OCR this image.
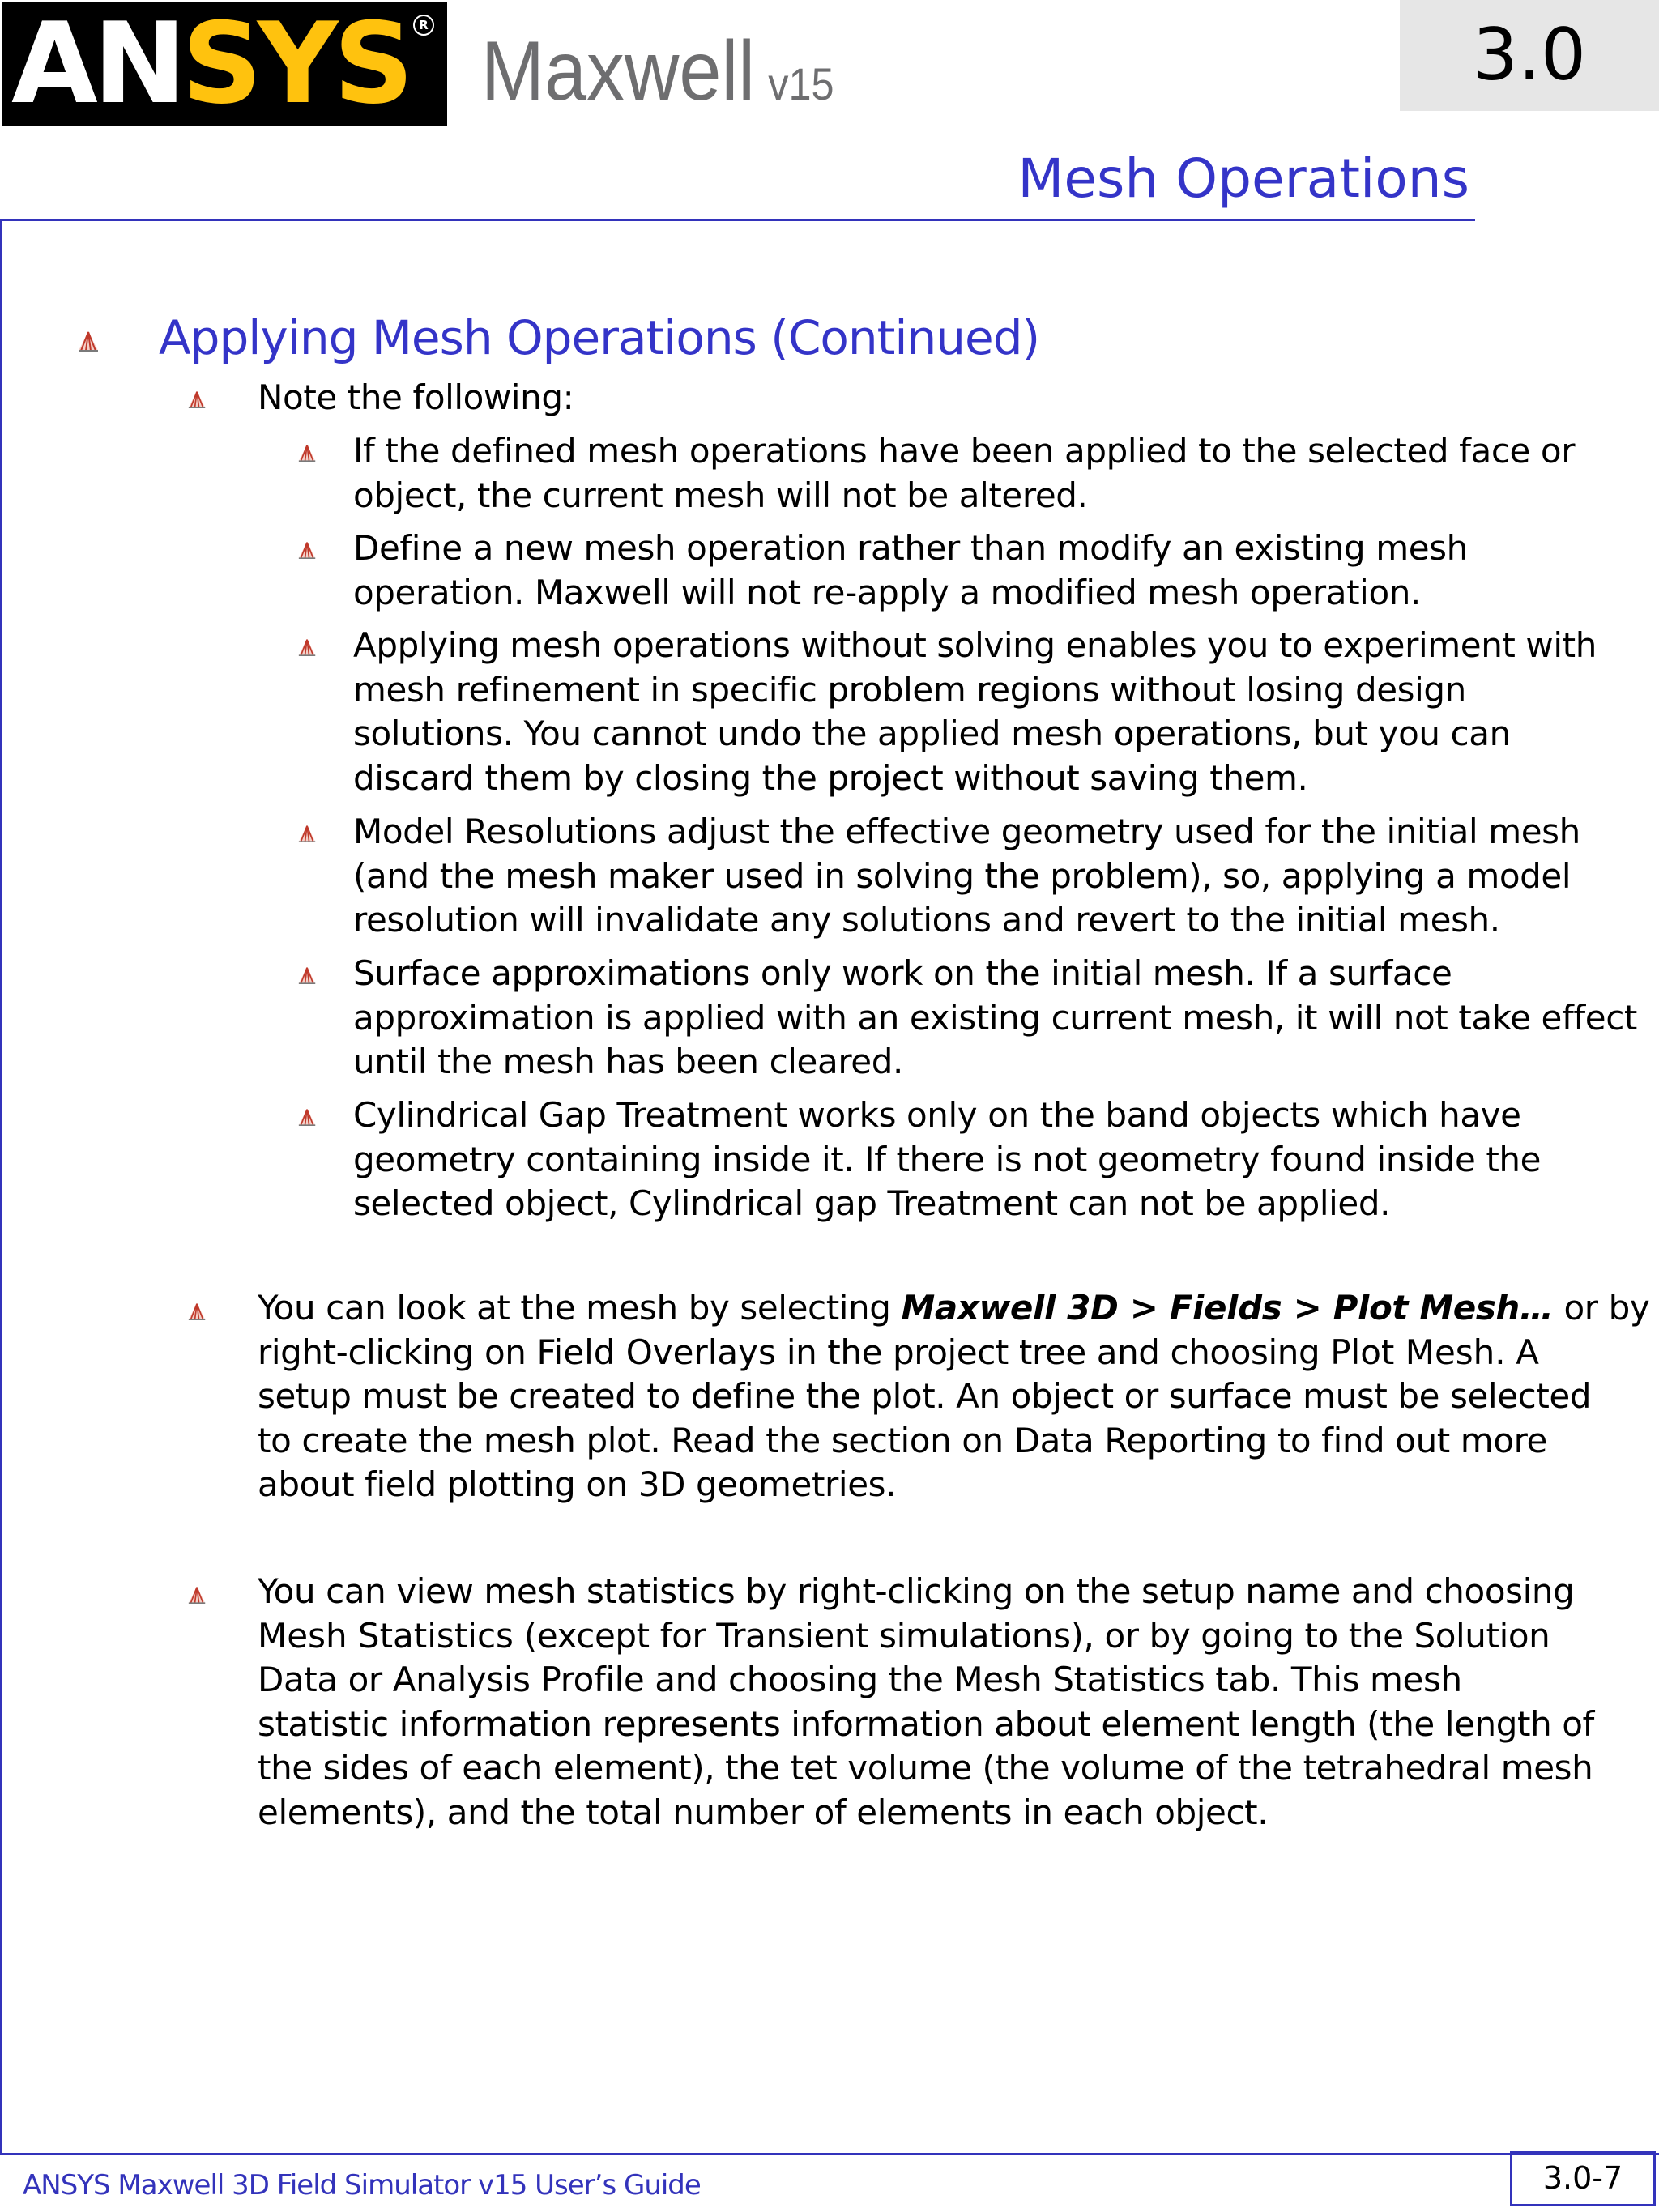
ANSYS R Maxwell v15	3.0
Mesh Operations
Applying Mesh Operations (Continued)
Note the following:
If the defined mesh operations have been applied to the selected face or
object, the current mesh will not be altered.
Define a new mesh operation rather than modify an existing mesh
operation. Maxwell will not re-apply a modified mesh operation.
Applying mesh operations without solving enables you to experiment with
mesh refinement in specific problem regions without losing design
solutions. You cannot undo the applied mesh operations, but you can
discard them by closing the project without saving them.
Model Resolutions adjust the effective geometry used for the initial mesh
(and the mesh maker used in solving the problem), so, applying a model
resolution will invalidate any solutions and revert to the initial mesh.
Surface approximations only work on the initial mesh. If a surface
approximation is applied with an existing current mesh, it will not take effect
until the mesh has been cleared.
Cylindrical Gap Treatment works only on the band objects which have
geometry containing inside it. If there is not geometry found inside the
selected object, Cylindrical gap Treatment can not be applied.
You can look at the mesh by selecting Maxwell 3D > Fields > Plot Mesh… or by
right-clicking on Field Overlays in the project tree and choosing Plot Mesh. A
setup must be created to define the plot. An object or surface must be selected
to create the mesh plot. Read the section on Data Reporting to find out more
about field plotting on 3D geometries.
You can view mesh statistics by right-clicking on the setup name and choosing
Mesh Statistics (except for Transient simulations), or by going to the Solution
Data or Analysis Profile and choosing the Mesh Statistics tab. This mesh
statistic information represents information about element length (the length of
the sides of each element), the tet volume (the volume of the tetrahedral mesh
elements), and the total number of elements in each object.
ANSYS Maxwell 3D Field Simulator v15 User’s Guide	3.0-7
